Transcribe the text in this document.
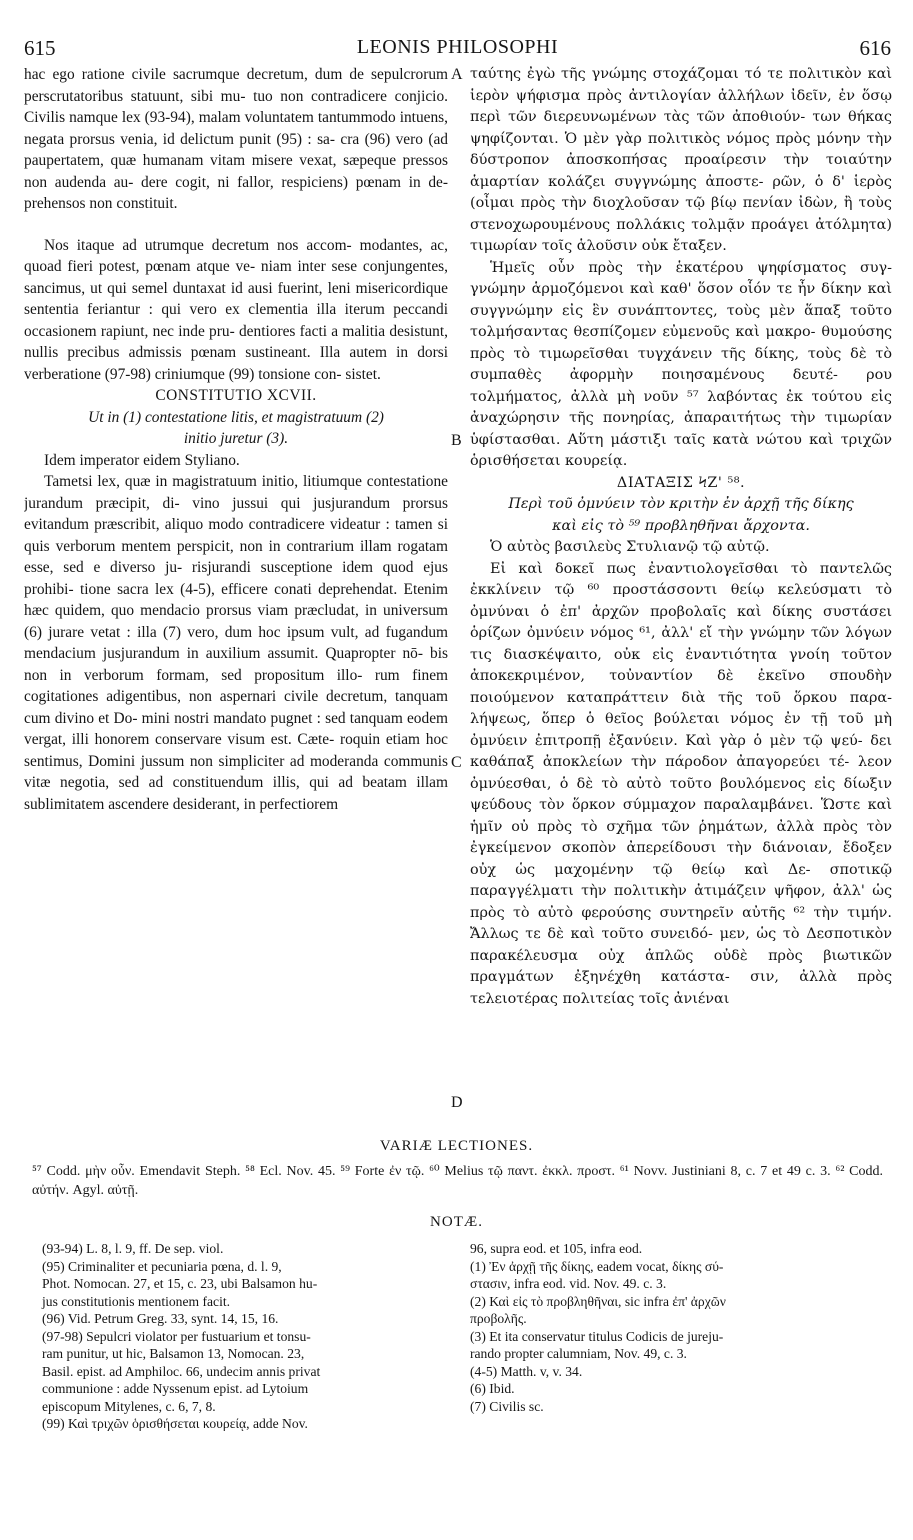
615	LEONIS PHILOSOPHI	616

hac ego ratione civile sacrumque decretum, dum de sepulcrorum perscrutatoribus statuunt, sibi mu- tuo non contradicere conjicio. Civilis namque lex (93-94), malam voluntatem tantummodo intuens, negata prorsus venia, id delictum punit (95) : sa- cra (96) vero (ad paupertatem, quæ humanam vitam misere vexat, sæpeque pressos non audenda au- dere cogit, ni fallor, respiciens) pœnam in de- prehensos non constituit.

Nos itaque ad utrumque decretum nos accom- modantes, ac, quoad fieri potest, pœnam atque ve- niam inter sese conjungentes, sancimus, ut qui semel duntaxat id ausi fuerint, leni misericordique sententia feriantur : qui vero ex clementia illa iterum peccandi occasionem rapiunt, nec inde pru- dentiores facti a malitia desistunt, nullis precibus admissis pœnam sustineant. Illa autem in dorsi verberatione (97-98) criniumque (99) tonsione con- sistet.

CONSTITUTIO XCVII.

Ut in (1) contestatione litis, et magistratuum (2)
initio juretur (3).

Idem imperator eidem Styliano.

Tametsi lex, quæ in magistratuum initio, litiumque contestatione jurandum præcipit, di- vino jussui qui jusjurandum prorsus evitandum præscribit, aliquo modo contradicere videatur : tamen si quis verborum mentem perspicit, non in contrarium illam rogatam esse, sed e diverso ju- risjurandi susceptione idem quod ejus prohibi- tione sacra lex (4-5), efficere conati deprehendat. Etenim hæc quidem, quo mendacio prorsus viam præcludat, in universum (6) jurare vetat : illa (7) vero, dum hoc ipsum vult, ad fugandum mendacium jusjurandum in auxilium assumit. Quapropter nō- bis non in verborum formam, sed propositum illo- rum finem cogitationes adigentibus, non aspernari civile decretum, tanquam cum divino et Do- mini nostri mandato pugnet : sed tanquam eodem vergat, illi honorem conservare visum est. Cæte- roquin etiam hoc sentimus, Domini jussum non simpliciter ad moderanda communis vitæ negotia, sed ad constituendum illis, qui ad beatam illam sublimitatem ascendere desiderant, in perfectiorem

A
B
C
D

ταύτης ἐγὼ τῆς γνώμης στοχάζομαι τό τε πολιτικὸν καὶ ἱερὸν ψήφισμα πρὸς ἀντιλογίαν ἀλλήλων ἰδεῖν, ἐν ὅσῳ περὶ τῶν διερευνωμένων τὰς τῶν ἀποθιούν- των θήκας ψηφίζονται. Ὁ μὲν γὰρ πολιτικὸς νόμος πρὸς μόνην τὴν δύστροπον ἀποσκοπήσας προαίρεσιν τὴν τοιαύτην ἁμαρτίαν κολάζει συγγνώμης ἀποστε- ρῶν, ὁ δ' ἱερὸς (οἶμαι πρὸς τὴν διοχλοῦσαν τῷ βίῳ πενίαν ἰδὼν, ἢ τοὺς στενοχωρουμένους πολλάκις τολμᾷν προάγει ἀτόλμητα) τιμωρίαν τοῖς ἁλοῦσιν οὐκ ἔταξεν.

Ἡμεῖς οὖν πρὸς τὴν ἑκατέρου ψηφίσματος συγ- γνώμην ἁρμοζόμενοι καὶ καθ' ὅσον οἷόν τε ἦν δίκην καὶ συγγνώμην εἰς ἓν συνάπτοντες, τοὺς μὲν ἅπαξ τοῦτο τολμήσαντας θεσπίζομεν εὐμενοῦς καὶ μακρο- θυμούσης πρὸς τὸ τιμωρεῖσθαι τυγχάνειν τῆς δίκης, τοὺς δὲ τὸ συμπαθὲς ἀφορμὴν ποιησαμένους δευτέ- ρου τολμήματος, ἀλλὰ μὴ νοῦν ⁵⁷ λαβόντας ἐκ τούτου εἰς ἀναχώρησιν τῆς πονηρίας, ἀπαραιτήτως τὴν τιμωρίαν ὑφίστασθαι. Αὕτη μάστιξι ταῖς κατὰ νώτου καὶ τριχῶν ὁρισθήσεται κουρείᾳ.

ΔΙΑΤΑΞΙΣ ϞΖ' ⁵⁸.

Περὶ τοῦ ὀμνύειν τὸν κριτὴν ἐν ἀρχῇ τῆς δίκης
καὶ εἰς τὸ ⁵⁹ προβληθῆναι ἄρχοντα.

Ὁ αὐτὸς βασιλεὺς Στυλιανῷ τῷ αὐτῷ.

Εἰ καὶ δοκεῖ πως ἐναντιολογεῖσθαι τὸ παντελῶς ἐκκλίνειν τῷ ⁶⁰ προστάσσοντι θείῳ κελεύσματι τὸ ὀμνύναι ὁ ἐπ' ἀρχῶν προβολαῖς καὶ δίκης συστάσει ὁρίζων ὀμνύειν νόμος ⁶¹, ἀλλ' εἴ τὴν γνώμην τῶν λόγων τις διασκέψαιτο, οὐκ εἰς ἐναντιότητα γνοίη τοῦτον ἀποκεκριμένον, τοὐναντίον δὲ ἐκεῖνο σπουδὴν ποιούμενον καταπράττειν διὰ τῆς τοῦ ὅρκου παρα- λήψεως, ὅπερ ὁ θεῖος βούλεται νόμος ἐν τῇ τοῦ μὴ ὀμνύειν ἐπιτροπῇ ἐξανύειν. Καὶ γὰρ ὁ μὲν τῷ ψεύ- δει καθάπαξ ἀποκλείων τὴν πάροδον ἀπαγορεύει τέ- λεον ὀμνύεσθαι, ὁ δὲ τὸ αὐτὸ τοῦτο βουλόμενος εἰς δίωξιν ψεύδους τὸν ὅρκον σύμμαχον παραλαμβάνει. Ὥστε καὶ ἡμῖν οὐ πρὸς τὸ σχῆμα τῶν ῥημάτων, ἀλλὰ πρὸς τὸν ἐγκείμενον σκοπὸν ἀπερείδουσι τὴν διάνοιαν, ἔδοξεν οὐχ ὡς μαχομένην τῷ θείῳ καὶ Δε- σποτικῷ παραγγέλματι τὴν πολιτικὴν ἀτιμάζειν ψῆφον, ἀλλ' ὡς πρὸς τὸ αὐτὸ φερούσης συντηρεῖν αὐτῆς ⁶² τὴν τιμήν. Ἄλλως τε δὲ καὶ τοῦτο συνειδό- μεν, ὡς τὸ Δεσποτικὸν παρακέλευσμα οὐχ ἁπλῶς οὐδὲ πρὸς βιωτικῶν πραγμάτων ἐξηνέχθη κατάστα- σιν, ἀλλὰ πρὸς τελειοτέρας πολιτείας τοῖς ἀνιέναι

VARIÆ LECTIONES.

⁵⁷ Codd. μὴν οὖν. Emendavit Steph. ⁵⁸ Ecl. Nov. 45. ⁵⁹ Forte ἐν τῷ. ⁶⁰ Melius τῷ παντ. ἐκκλ. προστ. ⁶¹ Novv. Justiniani 8, c. 7 et 49 c. 3. ⁶² Codd. αὐτήν. Agyl. αὐτῇ.

NOTÆ.

(93-94) L. 8, l. 9, ff. De sep. viol.

(95) Criminaliter et pecuniaria pœna, d. l. 9,

Phot. Nomocan. 27, et 15, c. 23, ubi Balsamon hu-

jus constitutionis mentionem facit.

(96) Vid. Petrum Greg. 33, synt. 14, 15, 16.

(97-98) Sepulcri violator per fustuarium et tonsu-

ram punitur, ut hic, Balsamon 13, Nomocan. 23,

Basil. epist. ad Amphiloc. 66, undecim annis privat

communione : adde Nyssenum epist. ad Lytoium

episcopum Mitylenes, c. 6, 7, 8.

(99) Καὶ τριχῶν ὁρισθήσεται κουρείᾳ, adde Nov.

96, supra eod. et 105, infra eod.

(1) Ἐν ἀρχῇ τῆς δίκης, eadem vocat, δίκης σύ-

στασιν, infra eod. vid. Nov. 49. c. 3.

(2) Καὶ εἰς τὸ προβληθῆναι, sic infra ἐπ' ἀρχῶν

προβολῆς.

(3) Et ita conservatur titulus Codicis de jureju-

rando propter calumniam, Nov. 49, c. 3.

(4-5) Matth. v, v. 34.

(6) Ibid.

(7) Civilis sc.
